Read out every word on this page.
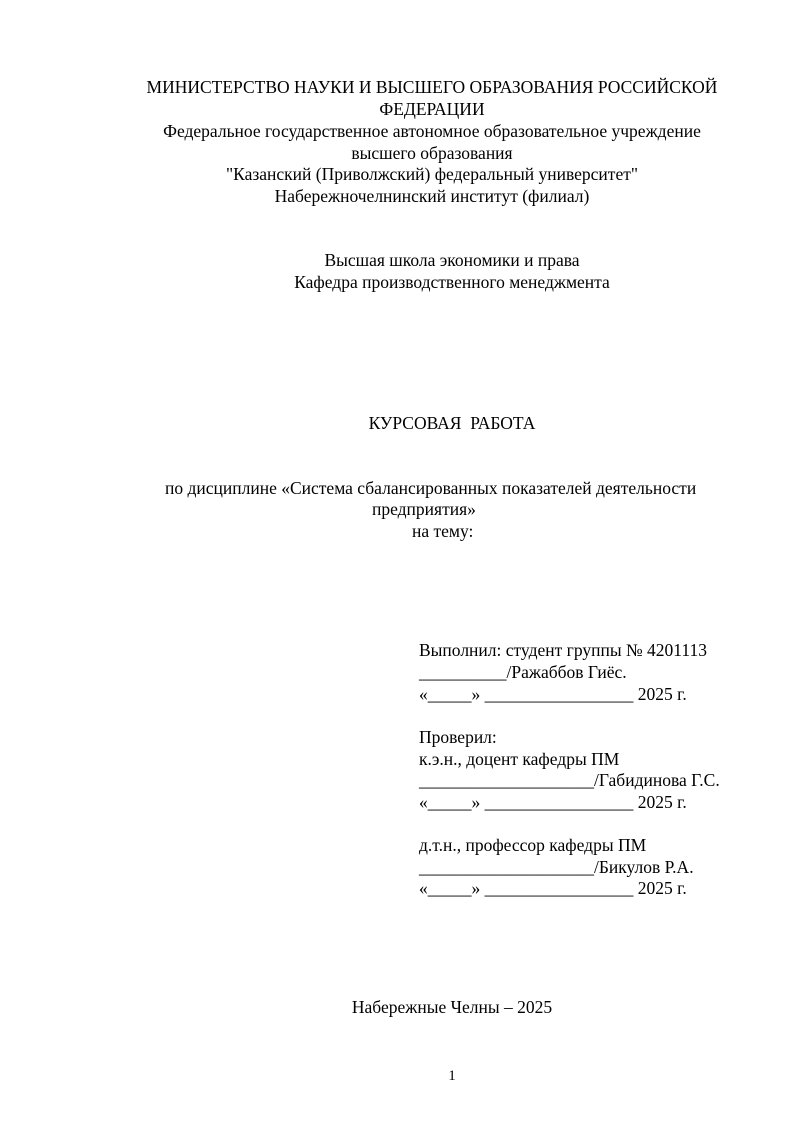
МИНИСТЕРСТВО НАУКИ И ВЫСШЕГО ОБРАЗОВАНИЯ РОССИЙСКОЙ
ФЕДЕРАЦИИ
Федеральное государственное автономное образовательное учреждение
высшего образования
"Казанский (Приволжский) федеральный университет"
Набережночелнинский институт (филиал)
Высшая школа экономики и права
Кафедра производственного менеджмента
КУРСОВАЯ  РАБОТА
по дисциплине «Система сбалансированных показателей деятельности
предприятия»
на тему:
Выполнил: студент группы № 4201113
__________/Ражаббов Гиёс.
«_____» _________________ 2025 г.
Проверил:
к.э.н., доцент кафедры ПМ
____________________/Габидинова Г.С.
«_____» _________________ 2025 г.
д.т.н., профессор кафедры ПМ
____________________/Бикулов Р.А.
«_____» _________________ 2025 г.
Набережные Челны – 2025
1
